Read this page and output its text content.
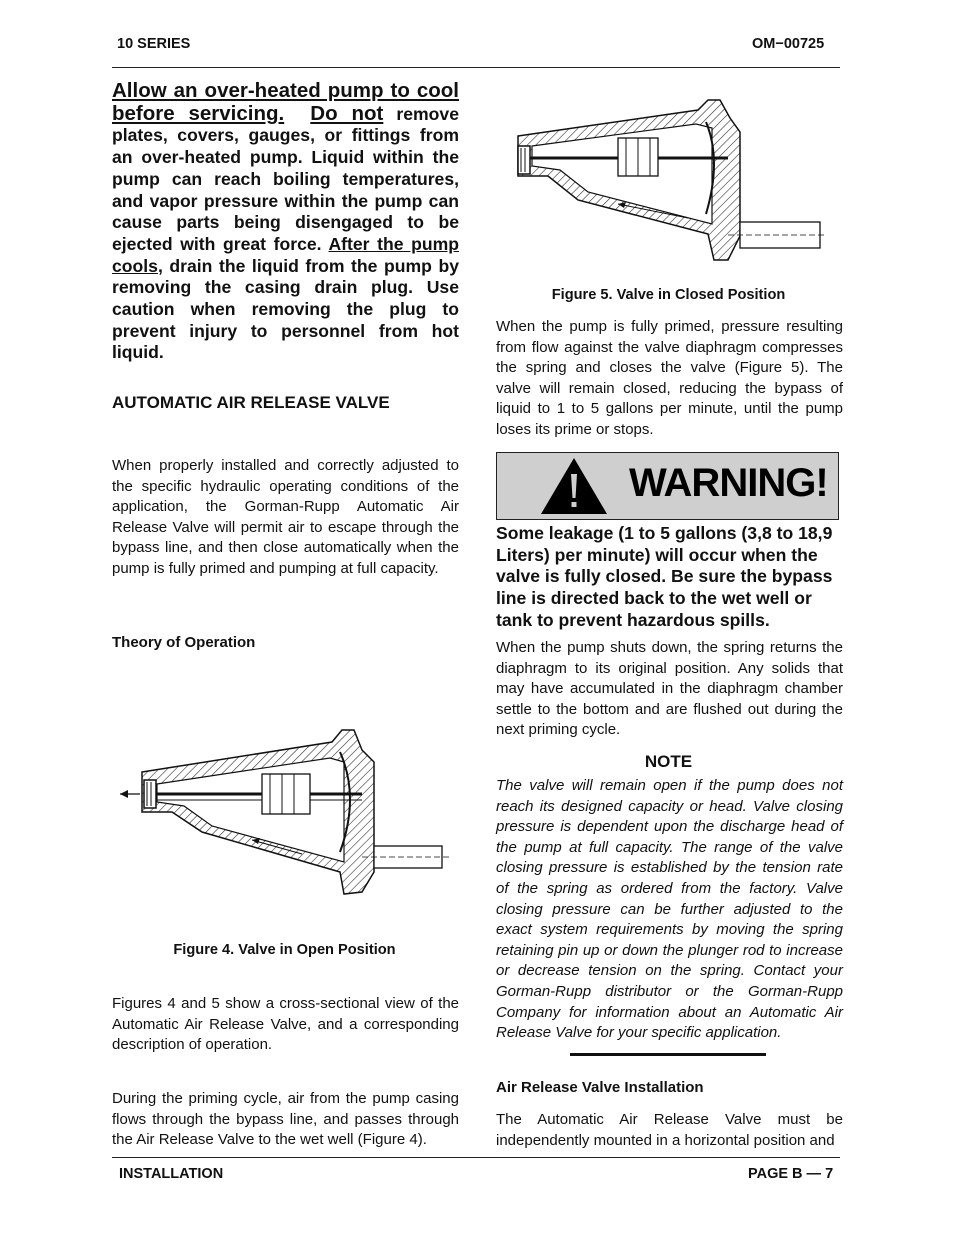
10 SERIES	OM−00725

Allow an over-heated pump to cool before servicing. Do not remove plates, covers, gauges, or fittings from an over-heated pump. Liquid within the pump can reach boiling temperatures, and vapor pressure within the pump can cause parts being disengaged to be ejected with great force. After the pump cools, drain the liquid from the pump by removing the casing drain plug. Use caution when removing the plug to prevent injury to personnel from hot liquid.

AUTOMATIC AIR RELEASE VALVE

When properly installed and correctly adjusted to the specific hydraulic operating conditions of the application, the Gorman-Rupp Automatic Air Release Valve will permit air to escape through the bypass line, and then close automatically when the pump is fully primed and pumping at full capacity.

Theory of Operation
Figure 4. Valve in Open Position

Figures 4 and 5 show a cross-sectional view of the Automatic Air Release Valve, and a corresponding description of operation.

During the priming cycle, air from the pump casing flows through the bypass line, and passes through the Air Release Valve to the wet well (Figure 4).

Figure 5. Valve in Closed Position

When the pump is fully primed, pressure resulting from flow against the valve diaphragm compresses the spring and closes the valve (Figure 5). The valve will remain closed, reducing the bypass of liquid to 1 to 5 gallons per minute, until the pump loses its prime or stops.

WARNING!

Some leakage (1 to 5 gallons (3,8 to 18,9 Liters) per minute) will occur when the valve is fully closed. Be sure the bypass line is directed back to the wet well or tank to prevent hazardous spills.

When the pump shuts down, the spring returns the diaphragm to its original position. Any solids that may have accumulated in the diaphragm chamber settle to the bottom and are flushed out during the next priming cycle.

NOTE

The valve will remain open if the pump does not reach its designed capacity or head. Valve closing pressure is dependent upon the discharge head of the pump at full capacity. The range of the valve closing pressure is established by the tension rate of the spring as ordered from the factory. Valve closing pressure can be further adjusted to the exact system requirements by moving the spring retaining pin up or down the plunger rod to increase or decrease tension on the spring. Contact your Gorman-Rupp distributor or the Gorman-Rupp Company for information about an Automatic Air Release Valve for your specific application.

Air Release Valve Installation

The Automatic Air Release Valve must be independently mounted in a horizontal position and

INSTALLATION	PAGE B — 7
